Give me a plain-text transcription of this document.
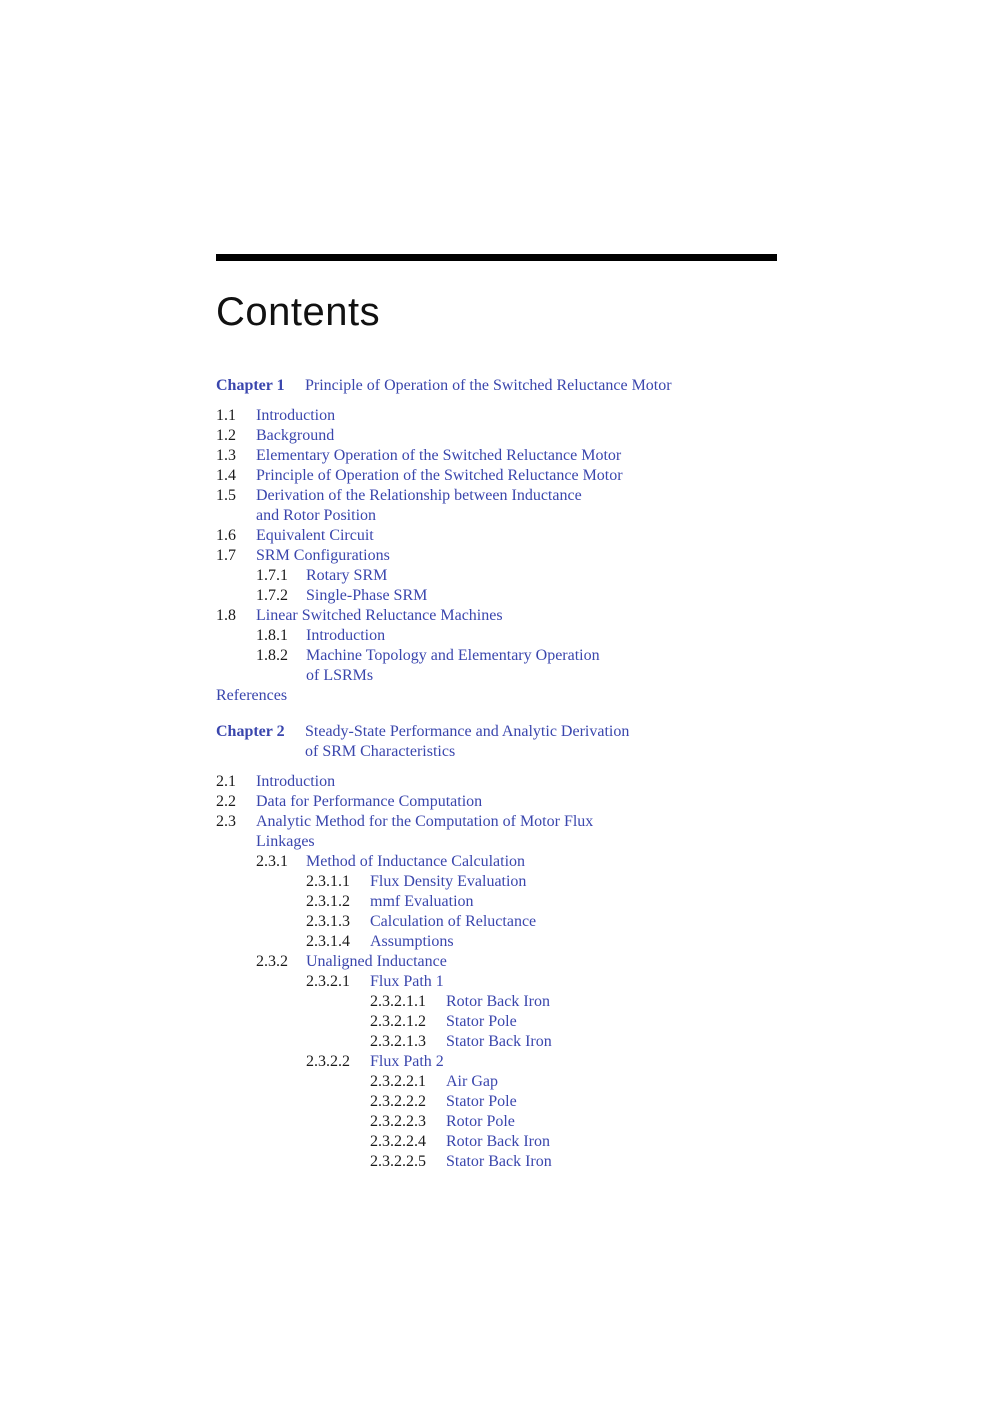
Contents
Chapter 1 Principle of Operation of the Switched Reluctance Motor
1.1 Introduction
1.2 Background
1.3 Elementary Operation of the Switched Reluctance Motor
1.4 Principle of Operation of the Switched Reluctance Motor
1.5 Derivation of the Relationship between Inductance
and Rotor Position
1.6 Equivalent Circuit
1.7 SRM Configurations
1.7.1 Rotary SRM
1.7.2 Single-Phase SRM
1.8 Linear Switched Reluctance Machines
1.8.1 Introduction
1.8.2 Machine Topology and Elementary Operation
of LSRMs
References
Chapter 2 Steady-State Performance and Analytic Derivation
of SRM Characteristics
2.1 Introduction
2.2 Data for Performance Computation
2.3 Analytic Method for the Computation of Motor Flux
Linkages
2.3.1 Method of Inductance Calculation
2.3.1.1 Flux Density Evaluation
2.3.1.2 mmf Evaluation
2.3.1.3 Calculation of Reluctance
2.3.1.4 Assumptions
2.3.2 Unaligned Inductance
2.3.2.1 Flux Path 1
2.3.2.1.1 Rotor Back Iron
2.3.2.1.2 Stator Pole
2.3.2.1.3 Stator Back Iron
2.3.2.2 Flux Path 2
2.3.2.2.1 Air Gap
2.3.2.2.2 Stator Pole
2.3.2.2.3 Rotor Pole
2.3.2.2.4 Rotor Back Iron
2.3.2.2.5 Stator Back Iron
